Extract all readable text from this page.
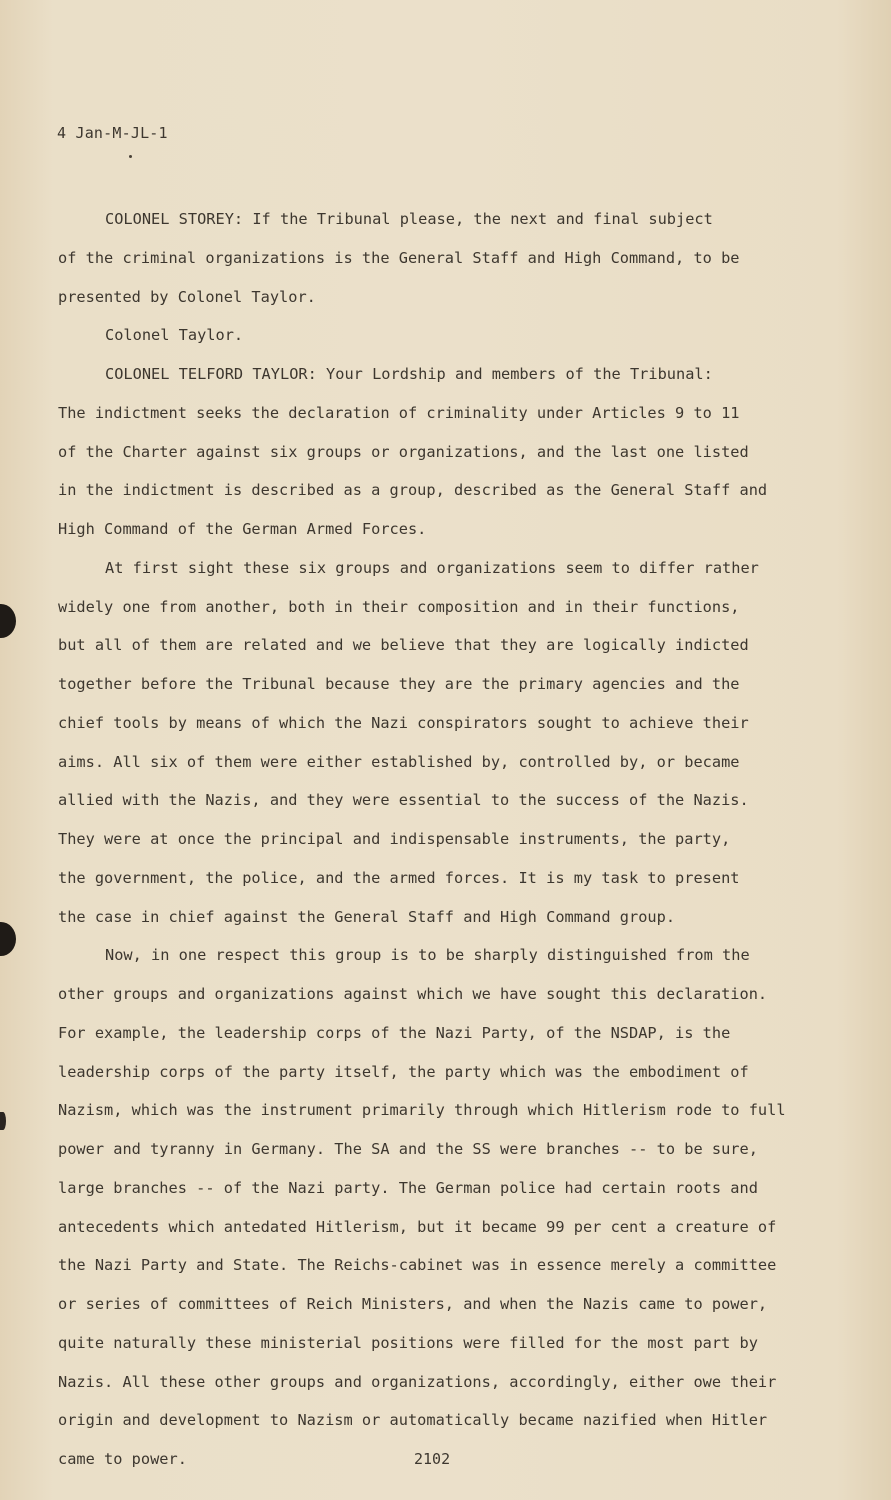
4 Jan-M-JL-1
COLONEL STOREY: If the Tribunal please, the next and final subject
of the criminal organizations is the General Staff and High Command, to be
presented by Colonel Taylor.
Colonel Taylor.
COLONEL TELFORD TAYLOR: Your Lordship and members of the Tribunal:
The indictment seeks the declaration of criminality under Articles 9 to 11
of the Charter against six groups or organizations, and the last one listed
in the indictment is described as a group, described as the General Staff and
High Command of the German Armed Forces.
At first sight these six groups and organizations seem to differ rather
widely one from another, both in their composition and in their functions,
but all of them are related and we believe that they are logically indicted
together before the Tribunal because they are the primary agencies and the
chief tools by means of which the Nazi conspirators sought to achieve their
aims. All six of them were either established by, controlled by, or became
allied with the Nazis, and they were essential to the success of the Nazis.
They were at once the principal and indispensable instruments, the party,
the government, the police, and the armed forces. It is my task to present
the case in chief against the General Staff and High Command group.
Now, in one respect this group is to be sharply distinguished from the
other groups and organizations against which we have sought this declaration.
For example, the leadership corps of the Nazi Party, of the NSDAP, is the
leadership corps of the party itself, the party which was the embodiment of
Nazism, which was the instrument primarily through which Hitlerism rode to full
power and tyranny in Germany. The SA and the SS were branches -- to be sure,
large branches -- of the Nazi party. The German police had certain roots and
antecedents which antedated Hitlerism, but it became 99 per cent a creature of
the Nazi Party and State. The Reichs-cabinet was in essence merely a committee
or series of committees of Reich Ministers, and when the Nazis came to power,
quite naturally these ministerial positions were filled for the most part by
Nazis. All these other groups and organizations, accordingly, either owe their
origin and development to Nazism or automatically became nazified when Hitler
came to power.	2102
